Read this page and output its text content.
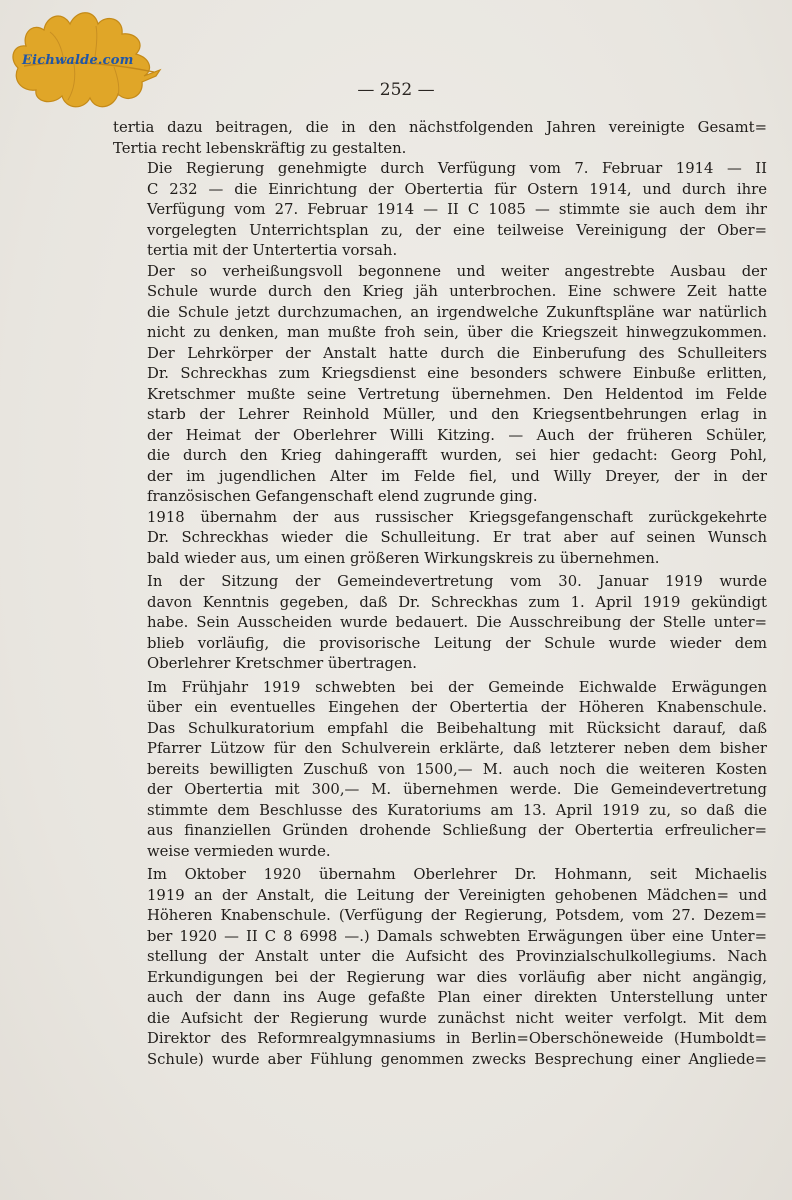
Eichwalde.com
— 252 —

tertia dazu beitragen, die in den nächstfolgenden Jahren vereinigte Gesamt=
Tertia recht lebenskräftig zu gestalten.

Die Regierung genehmigte durch Verfügung vom 7. Februar 1914 — II
C 232 — die Einrichtung der Obertertia für Ostern 1914, und durch ihre
Verfügung vom 27. Februar 1914 — II C 1085 — stimmte sie auch dem ihr
vorgelegten Unterrichtsplan zu, der eine teilweise Vereinigung der Ober=
tertia mit der Untertertia vorsah.

Der so verheißungsvoll begonnene und weiter angestrebte Ausbau der
Schule wurde durch den Krieg jäh unterbrochen. Eine schwere Zeit hatte
die Schule jetzt durchzumachen, an irgendwelche Zukunftspläne war natürlich
nicht zu denken, man mußte froh sein, über die Kriegszeit hinwegzukommen.
Der Lehrkörper der Anstalt hatte durch die Einberufung des Schulleiters
Dr. Schreckhas zum Kriegsdienst eine besonders schwere Einbuße erlitten,
Kretschmer mußte seine Vertretung übernehmen. Den Heldentod im Felde
starb der Lehrer Reinhold Müller, und den Kriegsentbehrungen erlag in
der Heimat der Oberlehrer Willi Kitzing. — Auch der früheren Schüler,
die durch den Krieg dahingerafft wurden, sei hier gedacht: Georg Pohl,
der im jugendlichen Alter im Felde fiel, und Willy Dreyer, der in der
französischen Gefangenschaft elend zugrunde ging.

1918 übernahm der aus russischer Kriegsgefangenschaft zurückgekehrte
Dr. Schreckhas wieder die Schulleitung. Er trat aber auf seinen Wunsch
bald wieder aus, um einen größeren Wirkungskreis zu übernehmen.

In der Sitzung der Gemeindevertretung vom 30. Januar 1919 wurde
davon Kenntnis gegeben, daß Dr. Schreckhas zum 1. April 1919 gekündigt
habe. Sein Ausscheiden wurde bedauert. Die Ausschreibung der Stelle unter=
blieb vorläufig, die provisorische Leitung der Schule wurde wieder dem
Oberlehrer Kretschmer übertragen.

Im Frühjahr 1919 schwebten bei der Gemeinde Eichwalde Erwägungen
über ein eventuelles Eingehen der Obertertia der Höheren Knabenschule.
Das Schulkuratorium empfahl die Beibehaltung mit Rücksicht darauf, daß
Pfarrer Lützow für den Schulverein erklärte, daß letzterer neben dem bisher
bereits bewilligten Zuschuß von 1500,— M. auch noch die weiteren Kosten
der Obertertia mit 300,— M. übernehmen werde. Die Gemeindevertretung
stimmte dem Beschlusse des Kuratoriums am 13. April 1919 zu, so daß die
aus finanziellen Gründen drohende Schließung der Obertertia erfreulicher=
weise vermieden wurde.

Im Oktober 1920 übernahm Oberlehrer Dr. Hohmann, seit Michaelis
1919 an der Anstalt, die Leitung der Vereinigten gehobenen Mädchen= und
Höheren Knabenschule. (Verfügung der Regierung, Potsdem, vom 27. Dezem=
ber 1920 — II C 8 6998 —.) Damals schwebten Erwägungen über eine Unter=
stellung der Anstalt unter die Aufsicht des Provinzialschulkollegiums. Nach
Erkundigungen bei der Regierung war dies vorläufig aber nicht angängig,
auch der dann ins Auge gefaßte Plan einer direkten Unterstellung unter
die Aufsicht der Regierung wurde zunächst nicht weiter verfolgt. Mit dem
Direktor des Reformrealgymnasiums in Berlin=Oberschöneweide (Humboldt=
Schule) wurde aber Fühlung genommen zwecks Besprechung einer Angliede=
